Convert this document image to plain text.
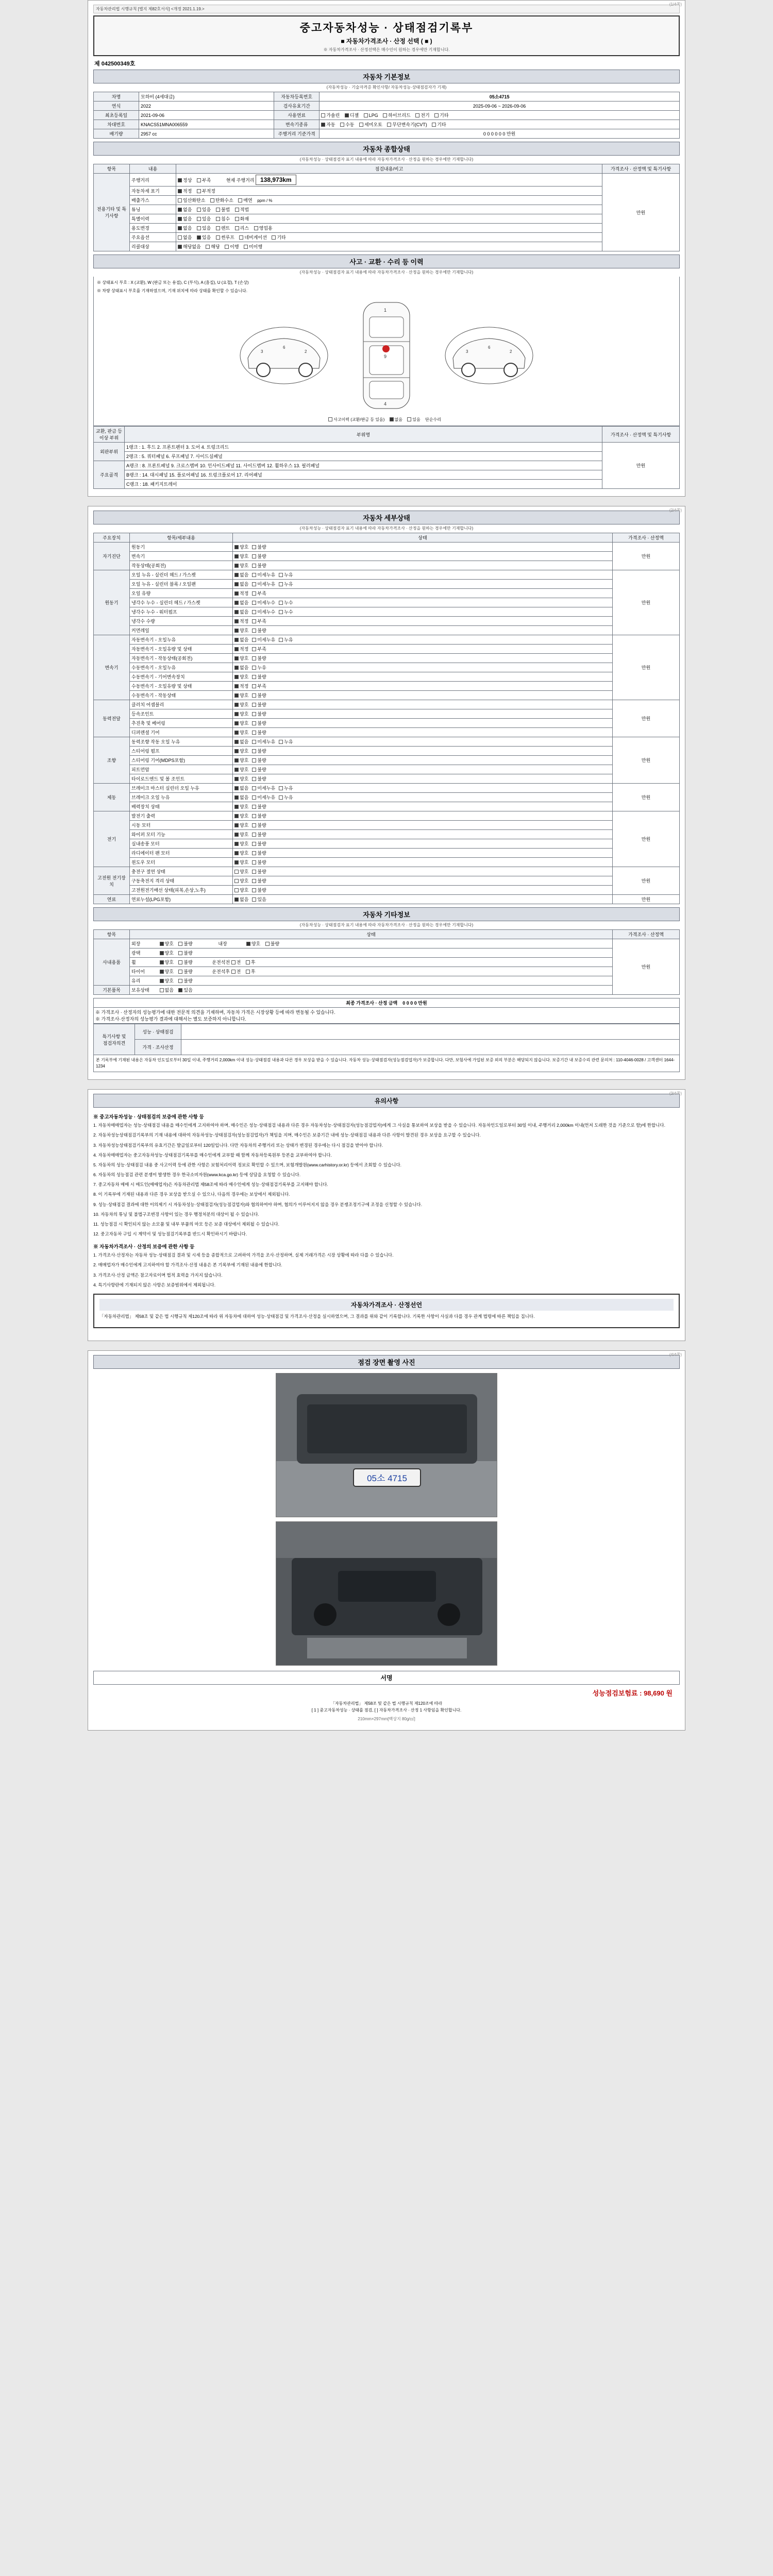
(1/4쪽)
자동차관리법 시행규칙 [별지 제82호서식] <개정 2021.1.19.>
중고자동차성능 · 상태점검기록부
■ 자동차가격조사 · 산정 선택 ( ■ )
※ 자동차가격조사 · 산정선택은 매수인이 원하는 경우에만 기재합니다.
제 042500349호
자동차 기본정보
(자동차성능 · 기술자격증 확인사항/ 자동차성능·상태점검자가 기재)
차명	모하비 (4세대급)	자동차등록번호	05소4715
연식	2022	검사유효기간	2025-09-06 ~ 2026-09-06
최초등록일	2021-09-06	사용연료	가솔린 디젤 LPG 하이브리드 전기 기타
차대번호	KNACS51MNA006559	변속기종류	자동 수동 세미오토 무단변속기(CVT) 기타
배기량	2957 cc	주행거리 기준가격	0 0 0 0 0 0 만원
자동차 종합상태
(자동차성능 · 상태점검자 표기 내용에 따라 자동차가격조사 · 산정을 원하는 경우에만 기재합니다)
항목	내용	점검내용/비고	가격조사 · 산정액 및 특기사항
전용기타 및 특기사항	주행거리	정상 부족 현재 주행거리 138,973km	만원

	자동차세 표기	적정 부적정	
	배출가스	일산화탄소 탄화수소 매연 ppm / %	
	튜닝	없음 있음 불법 적법	
	특별이력	없음 있음 침수 화재	
	용도변경	없음 있음 렌트 리스 영업용	
	주요옵션	없음 있음 썬루프 네비게이션 기타	
	리콜대상	해당없음 해당 이행 미이행	
사고 · 교환 · 수리 등 이력
(자동차성능 · 상태점검자 표기 내용에 따라 자동차가격조사 · 산정을 원하는 경우에만 기재합니다)
※ 상태표시 부호 : X (교환), W (판금 또는 용접), C (부식), A (흠집), U (요철), T (손상)
※ 차량 상태표시 부호를 기재하였으며, 기재 위치에 따라 상태를 확인할 수 있습니다.
3
6
2
1
9
4
3
6
2
사고이력 (교환/판금 등 있음) 없음 있음 단순수리
교환, 판금 등 이상 부위	부위명	가격조사 · 산정액 및 특기사항
외판부위	1랭크 : 1. 후드 2. 프론트펜더 3. 도어 4. 트렁크리드	만원
	2랭크 : 5. 쿼터패널 6. 루프패널 7. 사이드실패널	
주요골격	A랭크 : 8. 프론트패널 9. 크로스멤버 10. 인사이드패널 11. 사이드멤버 12. 휠하우스 13. 필러패널	
	B랭크 : 14. 대시패널 15. 플로어패널 16. 트렁크플로어 17. 리어패널	
	C랭크 : 18. 패키지트레이	
(2/4쪽)
자동차 세부상태
(자동차성능 · 상태점검자 표기 내용에 따라 자동차가격조사 · 산정을 원하는 경우에만 기재합니다)
주요장치	항목/세부내용	상태	가격조사 · 산정액
자기진단	원동기	양호 불량	만원
	변속기	양호 불량	
	작동상태(공회전)	양호 불량	
원동기	오일 누유 - 실린더 헤드 / 가스켓	없음 미세누유 누유	만원
	오일 누유 - 실린더 블록 / 오일팬	없음 미세누유 누유	
	오일 유량	적정 부족	
	냉각수 누수 - 실린더 헤드 / 가스켓	없음 미세누수 누수	
	냉각수 누수 - 워터펌프	없음 미세누수 누수	
	냉각수 수량	적정 부족	
	커먼레일	양호 불량	
변속기	자동변속기 - 오일누유	없음 미세누유 누유	만원
	자동변속기 - 오일유량 및 상태	적정 부족	
	자동변속기 - 작동상태(공회전)	양호 불량	
	수동변속기 - 오일누유	없음 누유	
	수동변속기 - 기어변속장치	양호 불량	
	수동변속기 - 오일유량 및 상태	적정 부족	
	수동변속기 - 작동상태	양호 불량	
동력전달	클러치 어셈블리	양호 불량	만원
	등속조인트	양호 불량	
	추진축 및 베어링	양호 불량	
	디퍼렌셜 기어	양호 불량	
조향	동력조향 작동 오일 누유	없음 미세누유 누유	만원
	스티어링 펌프	양호 불량	
	스티어링 기어(MDPS포함)	양호 불량	
	피트먼암	양호 불량	
	타이로드엔드 및 볼 조인트	양호 불량	
제동	브레이크 마스터 실린더 오일 누유	없음 미세누유 누유	만원
	브레이크 오일 누유	없음 미세누유 누유	
	배력장치 상태	양호 불량	
전기	발전기 출력	양호 불량	만원
	시동 모터	양호 불량	
	와이퍼 모터 기능	양호 불량	
	실내송풍 모터	양호 불량	
	라디에이터 팬 모터	양호 불량	
	윈도우 모터	양호 불량	
고전원 전기장치	충전구 절연 상태	양호 불량	만원
	구동축전지 격리 상태	양호 불량	
	고전원전기배선 상태(피복,손상,노후)	양호 불량	
연료	연료누설(LPG포함)	없음 있음	만원
자동차 기타정보
(자동차성능 · 상태점검자 표기 내용에 따라 자동차가격조사 · 산정을 원하는 경우에만 기재합니다)
항목	상태	가격조사 · 산정액
사내용품	외장 양호 불량 내장 양호 불량	만원
	광택 양호 불량	
	휠 양호 불량 운전석전 전 후	
	타이어 양호 불량 운전석후 전 후	
	유리 양호 불량	
기본품목	보유상태 없음 있음	
최종 가격조사 · 산정 금액 0 0 0 0 만원

※ 가격조사 · 산정자의 성능평가에 대한 전문적 의견을 기재하며, 자동차 가격은 시장상황 등에 따라 변동될 수 있습니다.
※ 가격조사·산정자의 성능평가 결과에 대해서는 별도 보증하지 아니합니다.
특기사항 및
점검자의견	성능 · 상태점검	
	가격 · 조사산정	
본 기록부에 기재된 내용은 자동차 인도일로부터 30일 이내, 주행거리 2,000km 이내 성능·상태점검 내용과 다른 경우 보상을 받을 수 있습니다. 자동차 성능·상태점검자(성능점검업자)가 보증합니다. 다만, 보험사에 가입된 보증 외의 부분은 해당되지 않습니다. 보증기간 내 보증수리 관련 문의처 : 110-4046-0028 / 고객센터 1644-1234
(3/4쪽)
유의사항
※ 중고자동차성능 · 상태점검의 보증에 관한 사항 등

1. 자동차매매업자는 성능·상태점검 내용을 매수인에게 고지하여야 하며, 매수인은 성능·상태점검 내용과 다른 경우 자동차성능·상태점검자(성능점검업자)에게 그 사실을 통보하여 보상을 받을 수 있습니다. 자동차인도일로부터 30일 이내, 주행거리 2,000km 이내(먼저 도래한 것을 기준으로 함)에 한합니다.

2. 자동차성능상태점검기록부의 기재 내용에 대하여 자동차성능·상태점검자(성능점검업자)가 책임을 지며, 매수인은 보증기간 내에 성능·상태점검 내용과 다른 사항이 발견된 경우 보상을 요구할 수 있습니다.

3. 자동차성능상태점검기록부의 유효기간은 발급일로부터 120일입니다. 다만 자동차의 주행거리 또는 상태가 변경된 경우에는 다시 점검을 받아야 합니다.

4. 자동차매매업자는 중고자동차성능·상태점검기록부를 매수인에게 교부할 때 함께 자동차등록원부 등본을 교부하여야 합니다.

5. 자동차의 성능·상태점검 내용 중 사고이력 등에 관한 사항은 보험처리이력 정보로 확인할 수 있으며, 보험개발원(www.carhistory.or.kr) 등에서 조회할 수 있습니다.

6. 자동차의 성능점검 관련 분쟁이 발생한 경우 한국소비자원(www.kca.go.kr) 등에 상담을 요청할 수 있습니다.

7. 중고자동차 매매 시 매도인(매매업자)은 자동차관리법 제58조에 따라 매수인에게 성능·상태점검기록부를 고지해야 합니다.

8. 이 기록부에 기재된 내용과 다른 경우 보상을 받으실 수 있으나, 다음의 경우에는 보상에서 제외됩니다.

9. 성능·상태점검 결과에 대한 이의제기 시 자동차성능·상태점검자(성능점검업자)와 협의하여야 하며, 협의가 이루어지지 않을 경우 분쟁조정기구에 조정을 신청할 수 있습니다.

10. 자동차의 튜닝 및 불법구조변경 사항이 있는 경우 행정처분의 대상이 될 수 있습니다.

11. 성능점검 시 확인되지 않는 소모품 및 내부 부품의 마모 등은 보증 대상에서 제외될 수 있습니다.

12. 중고자동차 구입 시 계약서 및 성능점검기록부를 반드시 확인하시기 바랍니다.

※ 자동차가격조사 · 산정의 보증에 관한 사항 등

1. 가격조사·산정자는 자동차 성능·상태점검 결과 및 시세 등을 종합적으로 고려하여 가격을 조사·산정하며, 실제 거래가격은 시장 상황에 따라 다를 수 있습니다.

2. 매매업자가 매수인에게 고지하여야 할 가격조사·산정 내용은 본 기록부에 기재된 내용에 한합니다.

3. 가격조사·산정 금액은 참고자료이며 법적 효력을 가지지 않습니다.

4. 특기사항란에 기재되지 않은 사항은 보증범위에서 제외됩니다.

자동차가격조사 · 산정선언

「자동차관리법」 제58조 및 같은 법 시행규칙 제120조에 따라 위 자동차에 대하여 성능·상태점검 및 가격조사·산정을 실시하였으며, 그 결과를 위와 같이 기록합니다. 기록한 사항이 사실과 다를 경우 관계 법령에 따른 책임을 집니다.

(4/4쪽)
점검 장면 촬영 사진
05소 4715
서명
성능점검보험료 : 98,690 원
「자동차관리법」 제58조 및 같은 법 시행규칙 제120조에 따라
[ 1 ] 중고자동차성능 · 상태를 점검, [ ] 자동차가격조사 · 산정 1 사항임을 확인합니다.
210mm×297mm[백상지 80g/㎡]
